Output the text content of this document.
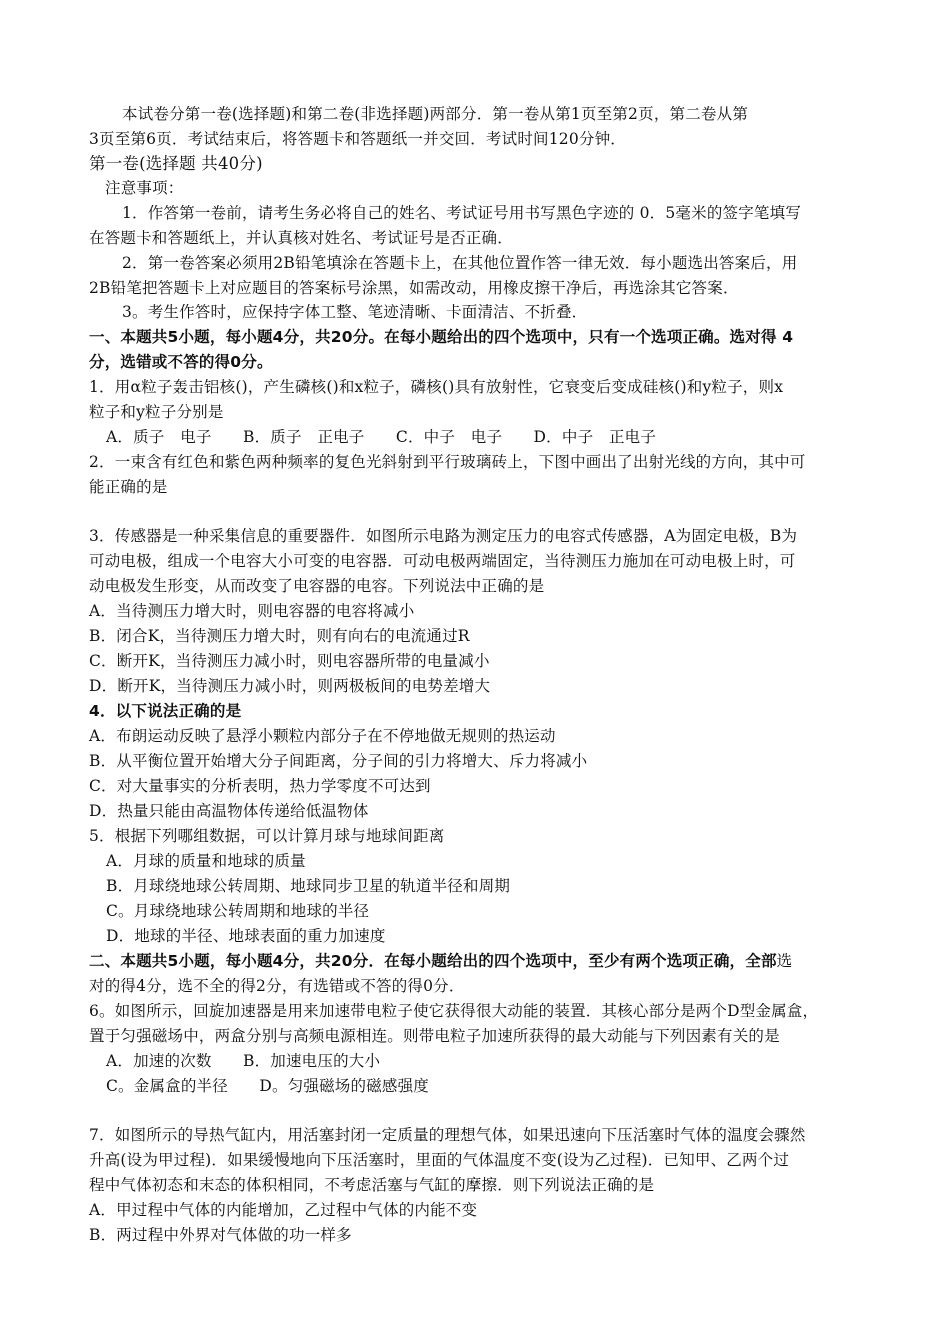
本试卷分第一卷(选择题)和第二卷(非选择题)两部分．第一卷从第1页至第2页，第二卷从第
3页至第6页．考试结束后，将答题卡和答题纸一并交回．考试时间120分钟．
第一卷(选择题 共40分)
注意事项：
1．作答第一卷前，请考生务必将自己的姓名、考试证号用书写黑色字迹的 0．5毫米的签字笔填写
在答题卡和答题纸上，并认真核对姓名、考试证号是否正确．
2．第一卷答案必须用2B铅笔填涂在答题卡上，在其他位置作答一律无效．每小题选出答案后，用
2B铅笔把答题卡上对应题目的答案标号涂黑，如需改动，用橡皮擦干净后，再选涂其它答案．
3。考生作答时，应保持字体工整、笔迹清晰、卡面清洁、不折叠．
一、本题共5小题，每小题4分，共20分。在每小题给出的四个选项中，只有一个选项正确。选对得 4
分，选错或不答的得0分。
1．用α粒子轰击铝核()，产生磷核()和x粒子，磷核()具有放射性，它衰变后变成硅核()和y粒子，则x
粒子和y粒子分别是
A．质子　电子　　B．质子　正电子　　C．中子　电子　　D．中子　正电子
2．一束含有红色和紫色两种频率的复色光斜射到平行玻璃砖上，下图中画出了出射光线的方向，其中可
能正确的是
3．传感器是一种采集信息的重要器件．如图所示电路为测定压力的电容式传感器，A为固定电极，B为
可动电极，组成一个电容大小可变的电容器．可动电极两端固定，当待测压力施加在可动电极上时，可
动电极发生形变，从而改变了电容器的电容。下列说法中正确的是
A．当待测压力增大时，则电容器的电容将减小
B．闭合K，当待测压力增大时，则有向右的电流通过R
C．断开K，当待测压力减小时，则电容器所带的电量减小
D．断开K，当待测压力减小时，则两极板间的电势差增大
4．以下说法正确的是
A．布朗运动反映了悬浮小颗粒内部分子在不停地做无规则的热运动
B．从平衡位置开始增大分子间距离，分子间的引力将增大、斥力将减小
C．对大量事实的分析表明，热力学零度不可达到
D．热量只能由高温物体传递给低温物体
5．根据下列哪组数据，可以计算月球与地球间距离
A．月球的质量和地球的质量
B．月球绕地球公转周期、地球同步卫星的轨道半径和周期
C。月球绕地球公转周期和地球的半径
D．地球的半径、地球表面的重力加速度
二、本题共5小题，每小题4分，共20分．在每小题给出的四个选项中，至少有两个选项正确，全部选
对的得4分，选不全的得2分，有选错或不答的得0分．
6。如图所示，回旋加速器是用来加速带电粒子使它获得很大动能的装置．其核心部分是两个D型金属盒，
置于匀强磁场中，两盒分别与高频电源相连。则带电粒子加速所获得的最大动能与下列因素有关的是
A．加速的次数　　B．加速电压的大小
C。金属盒的半径　　D。匀强磁场的磁感强度
7．如图所示的导热气缸内，用活塞封闭一定质量的理想气体，如果迅速向下压活塞时气体的温度会骤然
升高(设为甲过程)．如果缓慢地向下压活塞时，里面的气体温度不变(设为乙过程)．已知甲、乙两个过
程中气体初态和末态的体积相同，不考虑活塞与气缸的摩擦．则下列说法正确的是
A．甲过程中气体的内能增加，乙过程中气体的内能不变
B．两过程中外界对气体做的功一样多
